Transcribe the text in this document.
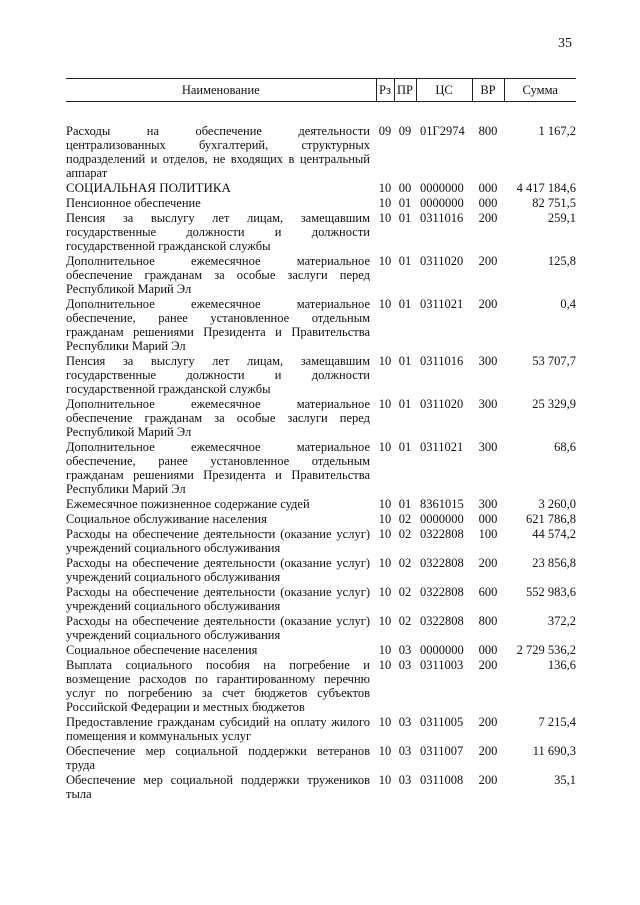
35
Наименование	Рз	ПР	ЦС	ВР	Сумма
Расходы на обеспечение деятельности централизованных бухгалтерий, структурных подразделений и отделов, не входящих в центральный аппарат	09	09	01Г2974	800	1 167,2
СОЦИАЛЬНАЯ ПОЛИТИКА	10	00	0000000	000	4 417 184,6
Пенсионное обеспечение	10	01	0000000	000	82 751,5
Пенсия за выслугу лет лицам, замещавшим государственные должности и должности государственной гражданской службы	10	01	0311016	200	259,1
Дополнительное ежемесячное материальное обеспечение гражданам за особые заслуги перед Республикой Марий Эл	10	01	0311020	200	125,8
Дополнительное ежемесячное материальное обеспечение, ранее установленное отдельным гражданам решениями Президента и Правительства Республики Марий Эл	10	01	0311021	200	0,4
Пенсия за выслугу лет лицам, замещавшим государственные должности и должности государственной гражданской службы	10	01	0311016	300	53 707,7
Дополнительное ежемесячное материальное обеспечение гражданам за особые заслуги перед Республикой Марий Эл	10	01	0311020	300	25 329,9
Дополнительное ежемесячное материальное обеспечение, ранее установленное отдельным гражданам решениями Президента и Правительства Республики Марий Эл	10	01	0311021	300	68,6
Ежемесячное пожизненное содержание судей	10	01	8361015	300	3 260,0
Социальное обслуживание населения	10	02	0000000	000	621 786,8
Расходы на обеспечение деятельности (оказание услуг) учреждений социального обслуживания	10	02	0322808	100	44 574,2
Расходы на обеспечение деятельности (оказание услуг) учреждений социального обслуживания	10	02	0322808	200	23 856,8
Расходы на обеспечение деятельности (оказание услуг) учреждений социального обслуживания	10	02	0322808	600	552 983,6
Расходы на обеспечение деятельности (оказание услуг) учреждений социального обслуживания	10	02	0322808	800	372,2
Социальное обеспечение населения	10	03	0000000	000	2 729 536,2
Выплата социального пособия на погребение и возмещение расходов по гарантированному перечню услуг по погребению за счет бюджетов субъектов Российской Федерации и местных бюджетов	10	03	0311003	200	136,6
Предоставление гражданам субсидий на оплату жилого помещения и коммунальных услуг	10	03	0311005	200	7 215,4
Обеспечение мер социальной поддержки ветеранов труда	10	03	0311007	200	11 690,3
Обеспечение мер социальной поддержки тружеников тыла	10	03	0311008	200	35,1
